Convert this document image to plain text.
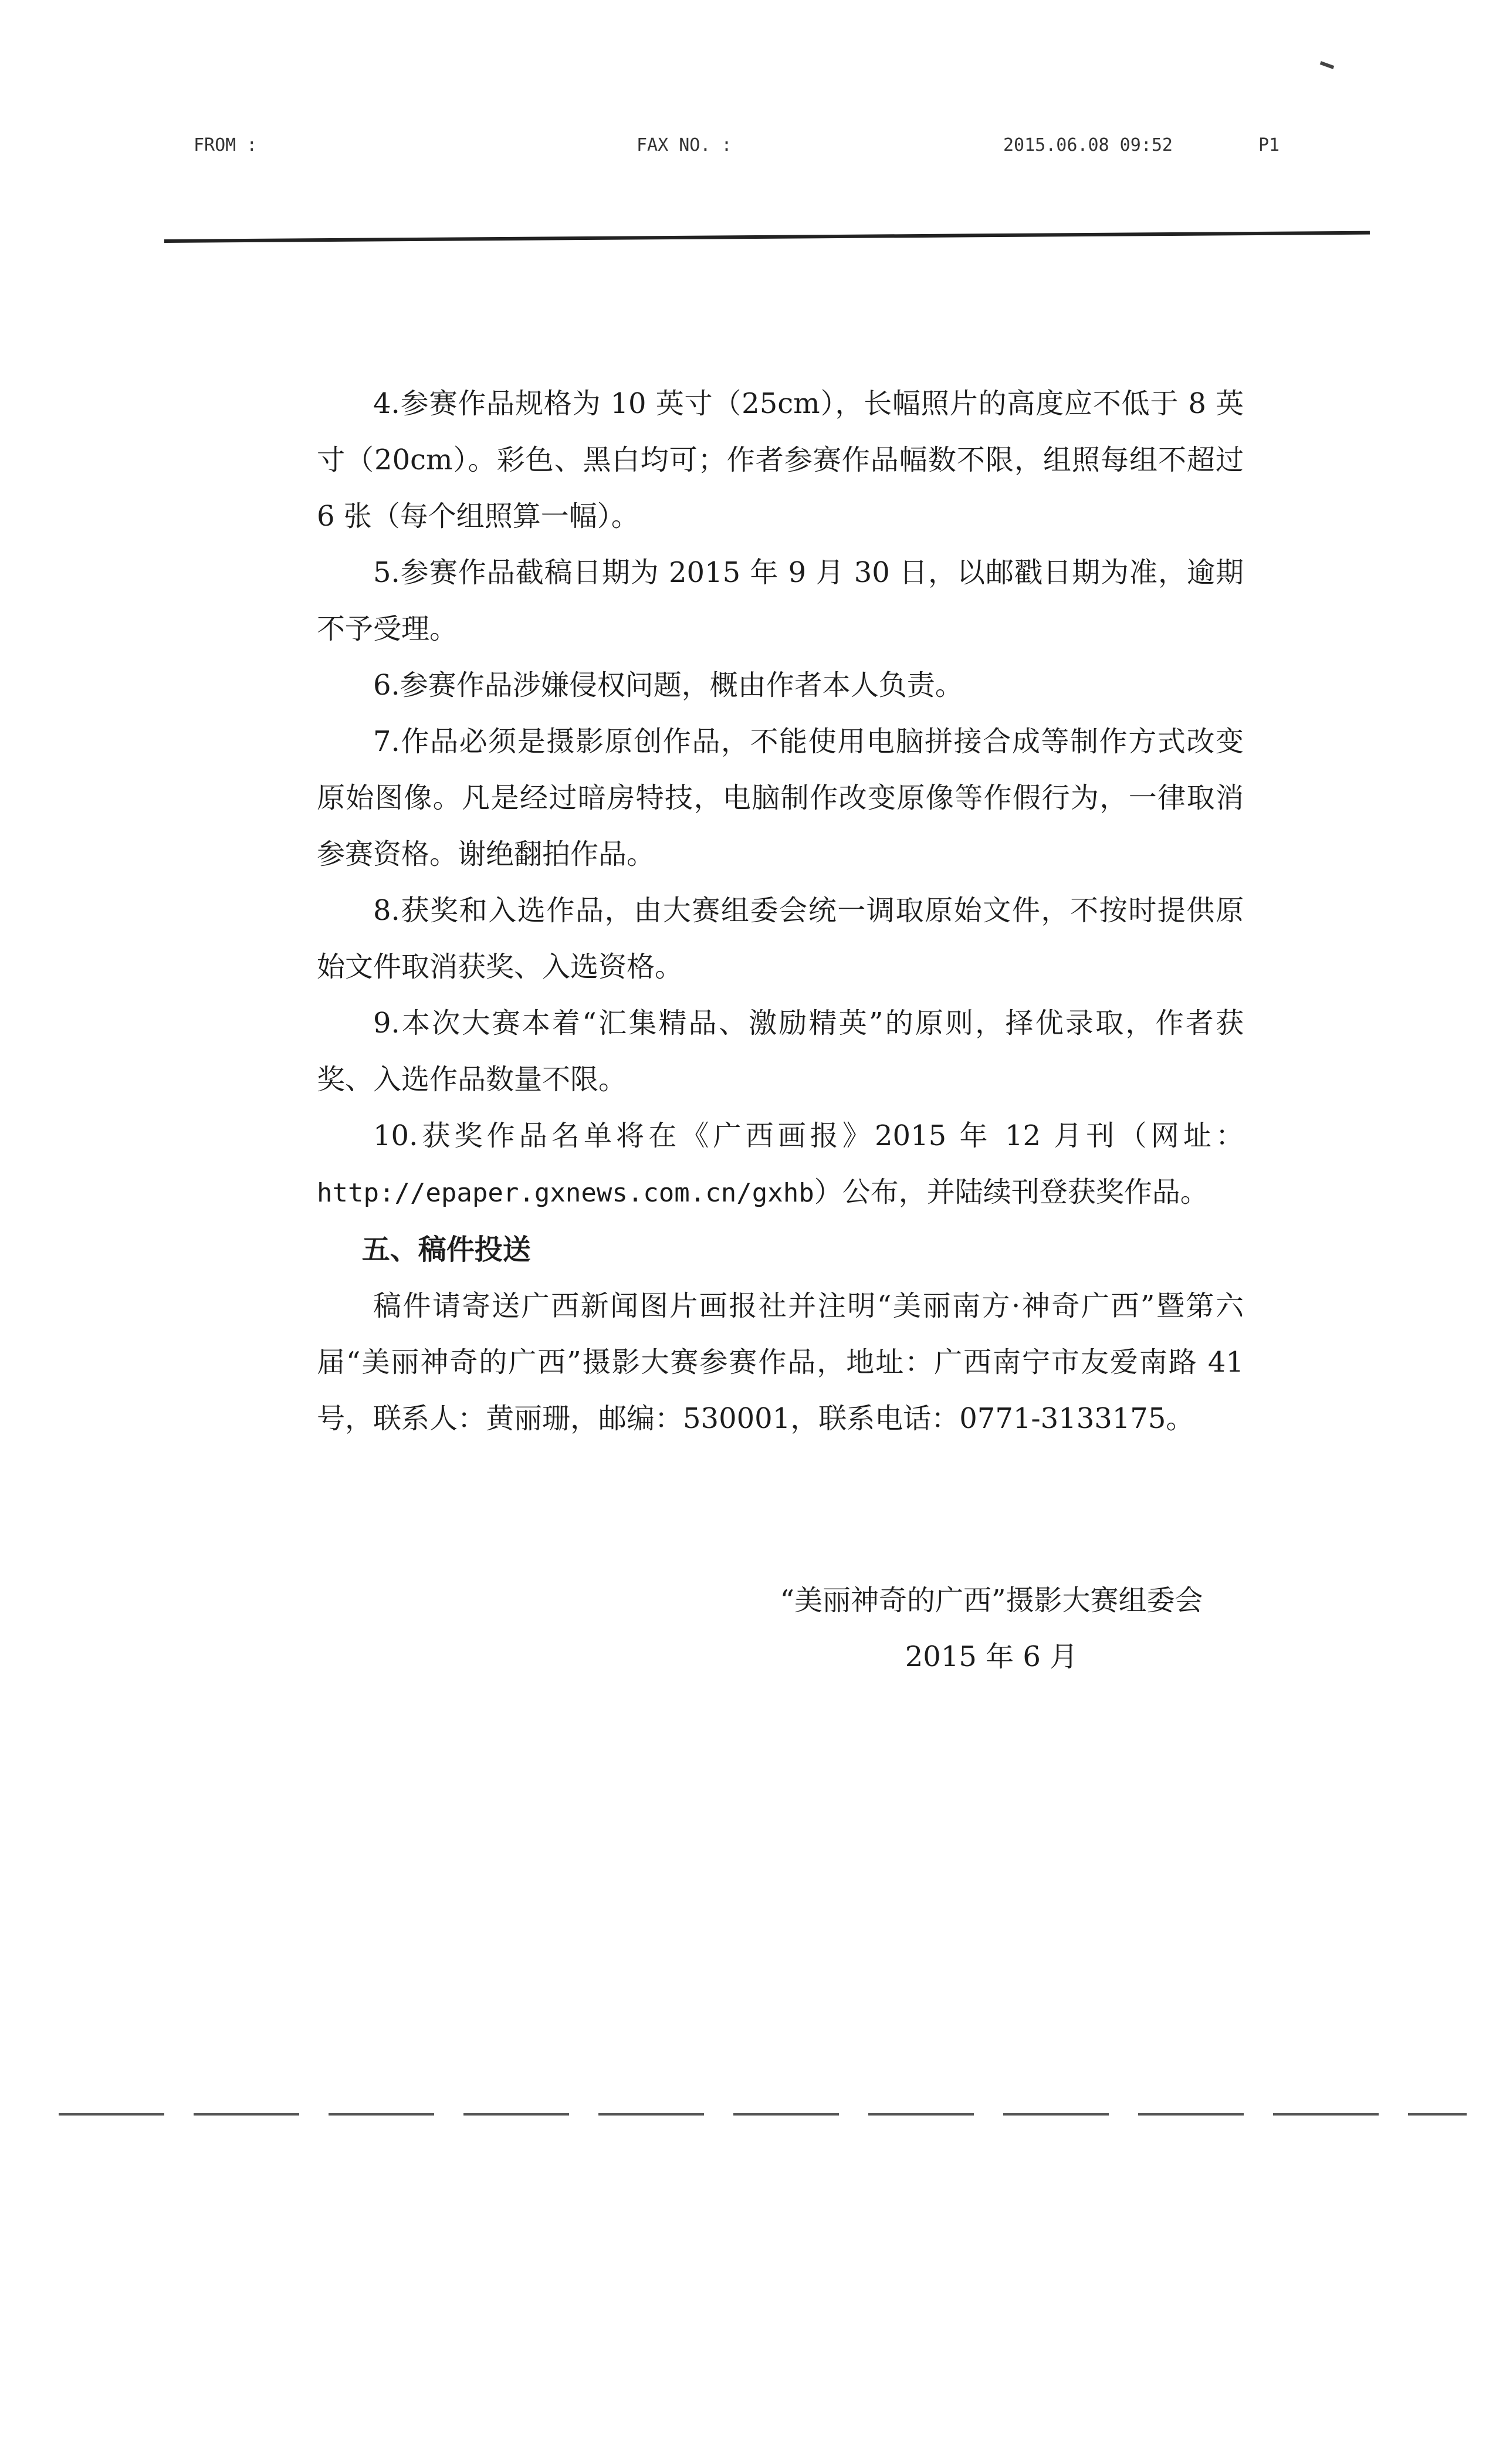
FROM :	FAX NO. :	2015.06.08 09:52	P1

4.参赛作品规格为 10 英寸（25cm），长幅照片的高度应不低于 8 英寸（20cm）。彩色、黑白均可；作者参赛作品幅数不限，组照每组不超过 6 张（每个组照算一幅）。

5.参赛作品截稿日期为 2015 年 9 月 30 日，以邮戳日期为准，逾期不予受理。

6.参赛作品涉嫌侵权问题，概由作者本人负责。

7.作品必须是摄影原创作品，不能使用电脑拼接合成等制作方式改变原始图像。凡是经过暗房特技，电脑制作改变原像等作假行为，一律取消参赛资格。谢绝翻拍作品。

8.获奖和入选作品，由大赛组委会统一调取原始文件，不按时提供原始文件取消获奖、入选资格。

9.本次大赛本着“汇集精品、激励精英”的原则，择优录取，作者获奖、入选作品数量不限。

10.获奖作品名单将在《广西画报》2015 年 12 月刊（网址：http://epaper.gxnews.com.cn/gxhb）公布，并陆续刊登获奖作品。

五、稿件投送

稿件请寄送广西新闻图片画报社并注明“美丽南方·神奇广西”暨第六届“美丽神奇的广西”摄影大赛参赛作品，地址：广西南宁市友爱南路 41 号，联系人：黄丽珊，邮编：530001，联系电话：0771-3133175。

“美丽神奇的广西”摄影大赛组委会
2015 年 6 月
